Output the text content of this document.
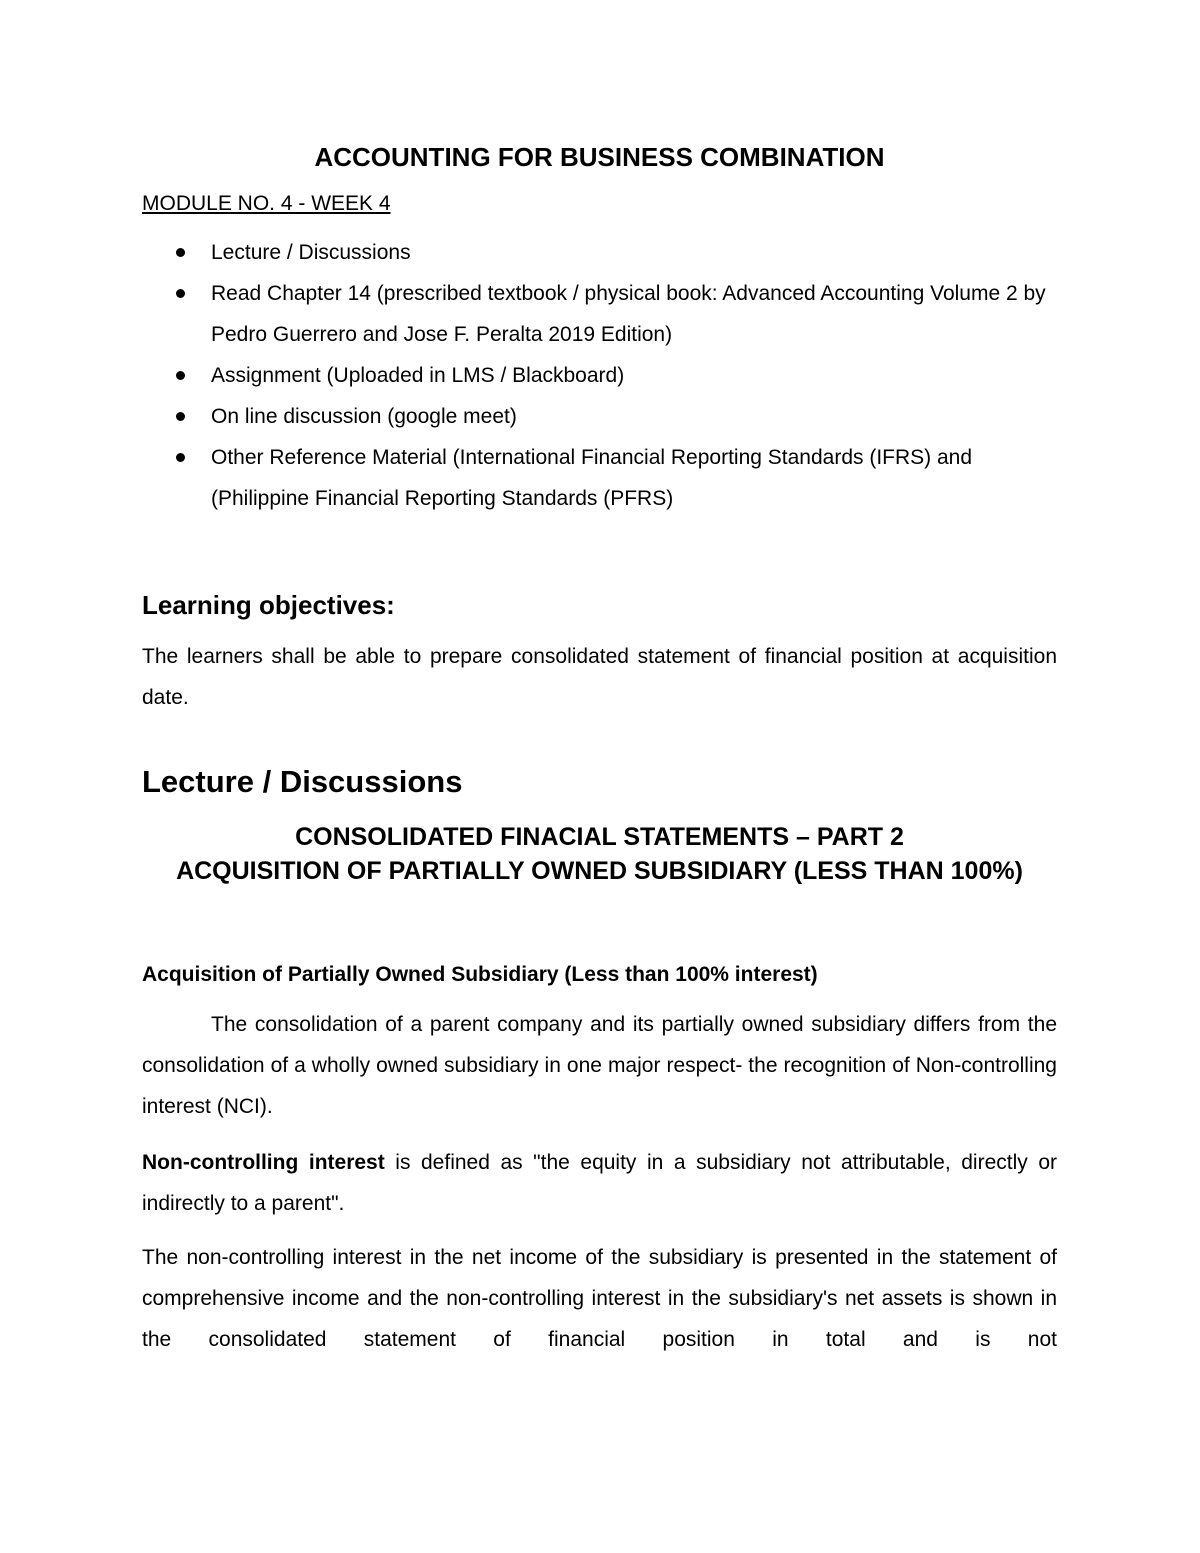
ACCOUNTING FOR BUSINESS COMBINATION

MODULE NO. 4 - WEEK 4

Lecture / Discussions
Read Chapter 14 (prescribed textbook / physical book: Advanced Accounting Volume 2 by Pedro Guerrero and Jose F. Peralta 2019 Edition)
Assignment (Uploaded in LMS / Blackboard)
On line discussion (google meet)
Other Reference Material (International Financial Reporting Standards (IFRS) and (Philippine Financial Reporting Standards (PFRS)
Learning objectives:

The learners shall be able to prepare consolidated statement of financial position at acquisition date.

Lecture / Discussions
CONSOLIDATED FINACIAL STATEMENTS – PART 2
ACQUISITION OF PARTIALLY OWNED SUBSIDIARY (LESS THAN 100%)
Acquisition of Partially Owned Subsidiary (Less than 100% interest)

The consolidation of a parent company and its partially owned subsidiary differs from the consolidation of a wholly owned subsidiary in one major respect- the recognition of Non-controlling interest (NCI).

Non-controlling interest is defined as "the equity in a subsidiary not attributable, directly or indirectly to a parent".

The non-controlling interest in the net income of the subsidiary is presented in the statement of comprehensive income and the non-controlling interest in the subsidiary's net assets is shown in the consolidated statement of financial position in total and is not
